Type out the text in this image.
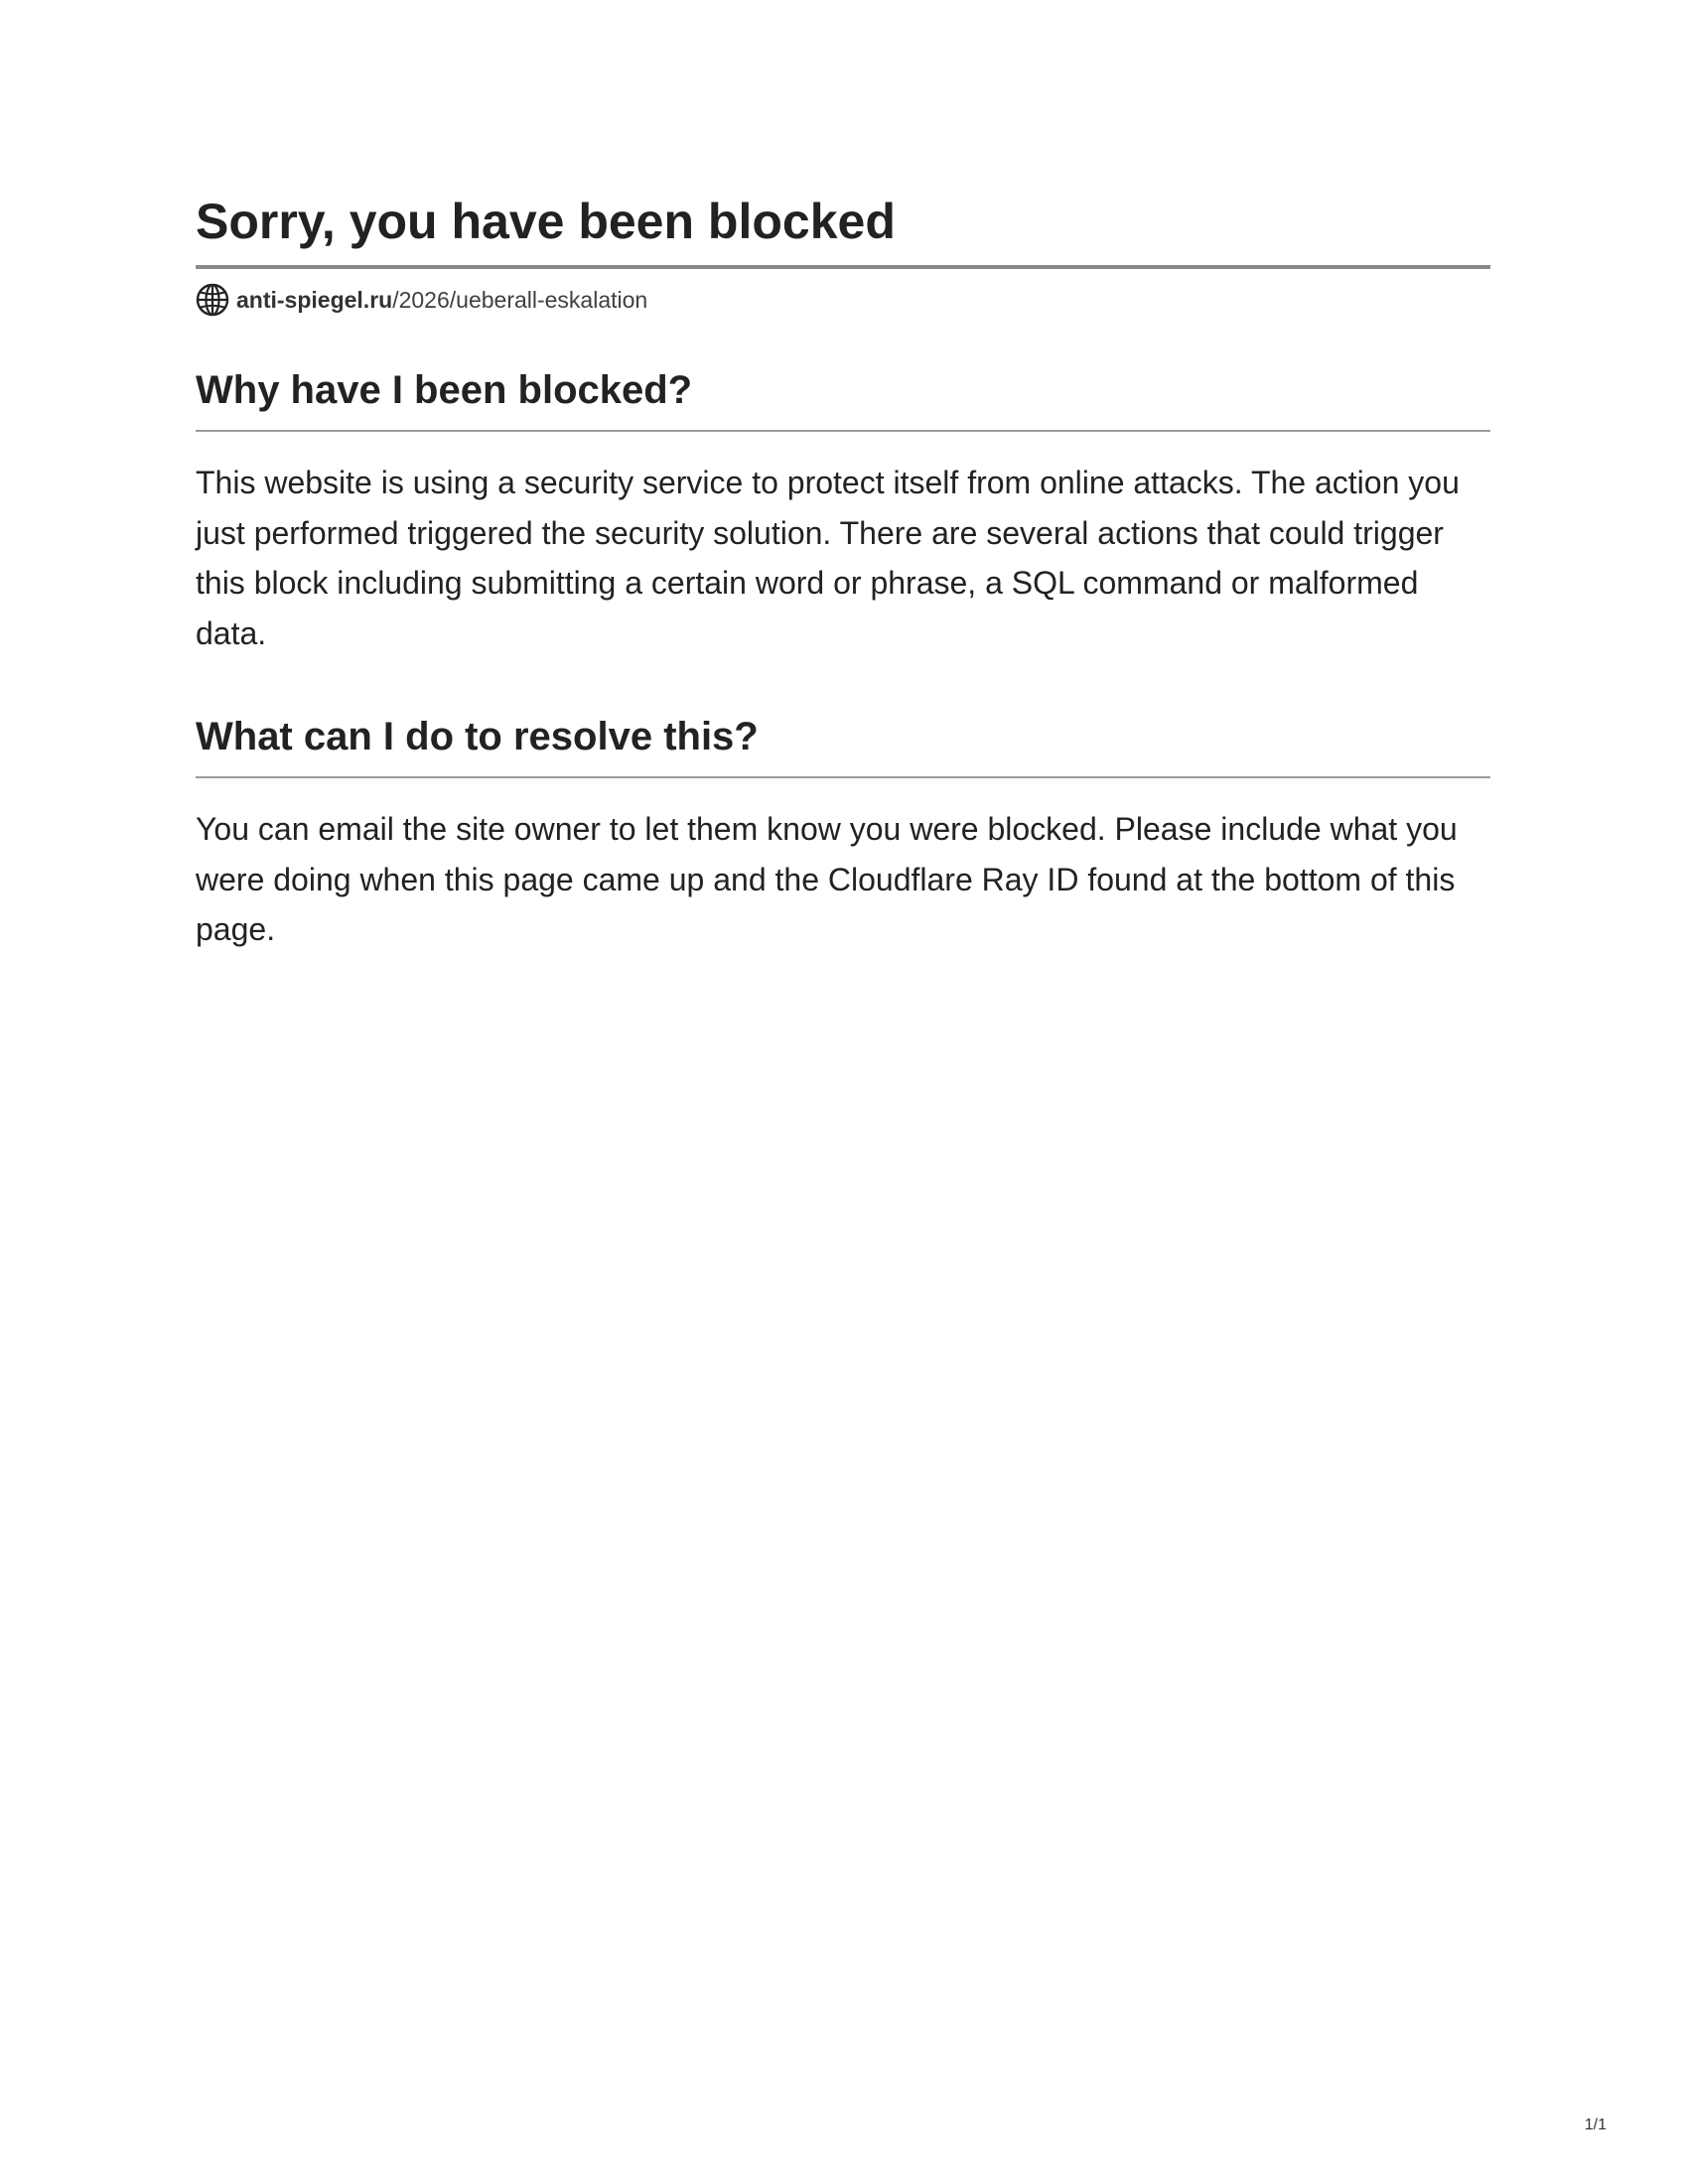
Sorry, you have been blocked
anti-spiegel.ru /2026/ueberall-eskalation
Why have I been blocked?

This website is using a security service to protect itself from online attacks. The action you just performed triggered the security solution. There are several actions that could trigger this block including submitting a certain word or phrase, a SQL command or malformed data.

What can I do to resolve this?

You can email the site owner to let them know you were blocked. Please include what you were doing when this page came up and the Cloudflare Ray ID found at the bottom of this page.

1/1
